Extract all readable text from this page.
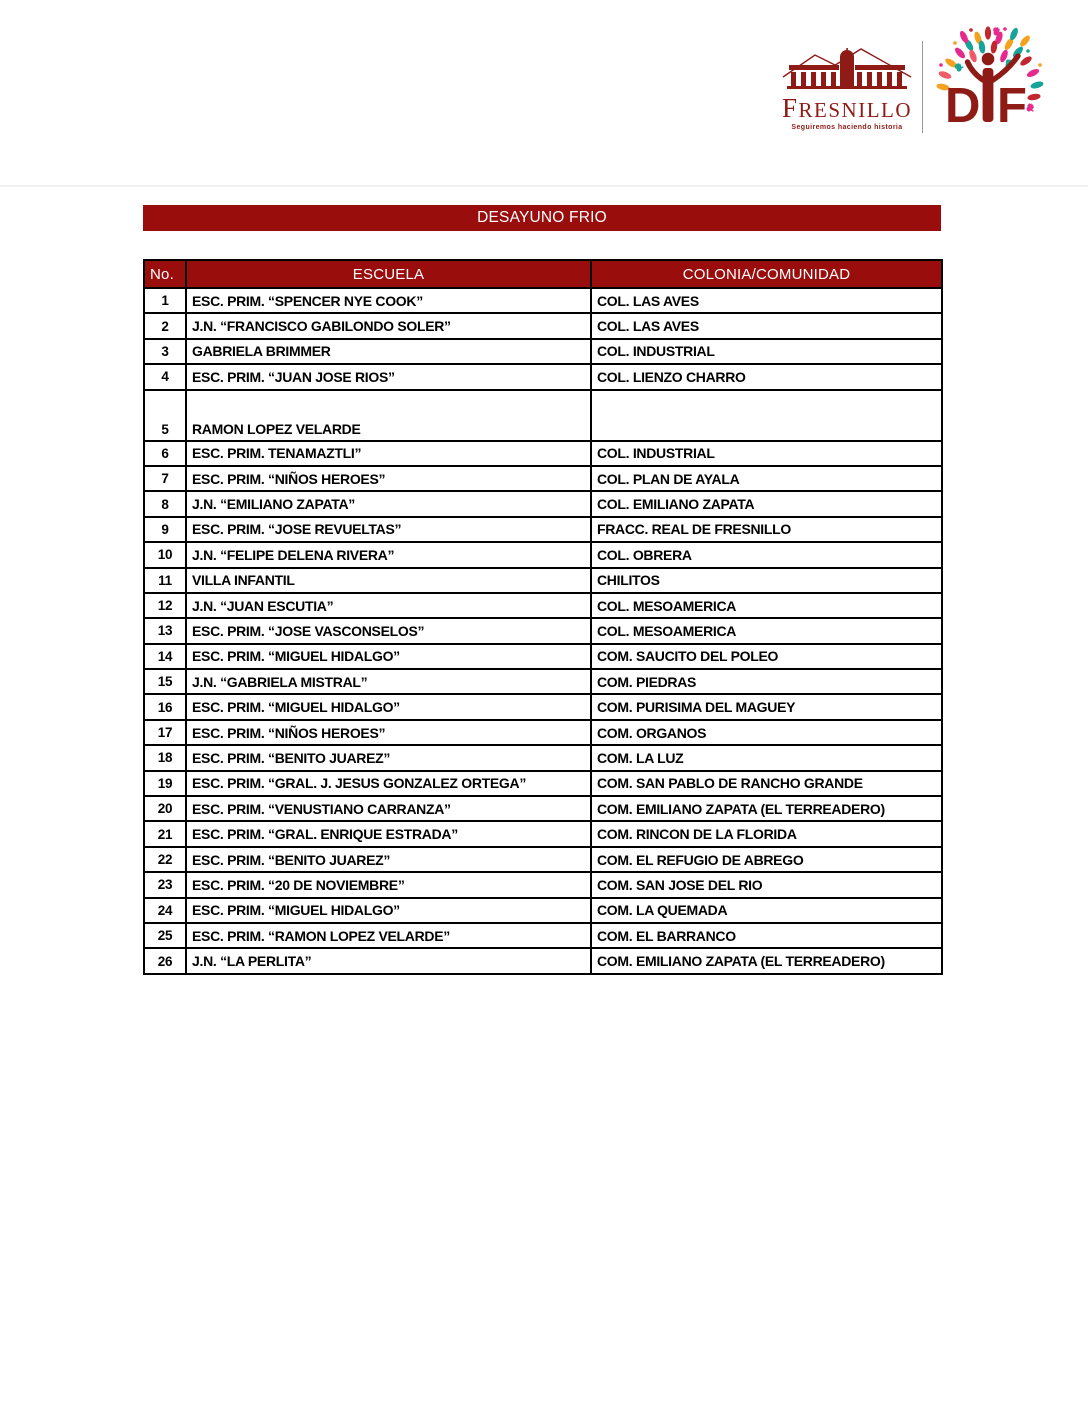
FRESNILLO
Seguiremos haciendo historia D F
DESAYUNO FRIO
No.	ESCUELA	COLONIA/COMUNIDAD
1	ESC. PRIM. “SPENCER NYE COOK”	COL. LAS AVES
2	J.N. “FRANCISCO GABILONDO SOLER”	COL. LAS AVES
3	GABRIELA BRIMMER	COL. INDUSTRIAL
4	ESC. PRIM. “JUAN JOSE RIOS”	COL. LIENZO CHARRO
5	RAMON LOPEZ VELARDE	
6	ESC. PRIM. TENAMAZTLI”	COL. INDUSTRIAL
7	ESC. PRIM. “NIÑOS HEROES”	COL. PLAN DE AYALA
8	J.N. “EMILIANO ZAPATA”	COL. EMILIANO ZAPATA
9	ESC. PRIM. “JOSE REVUELTAS”	FRACC. REAL DE FRESNILLO
10	J.N. “FELIPE DELENA RIVERA”	COL. OBRERA
11	VILLA INFANTIL	CHILITOS
12	J.N. “JUAN ESCUTIA”	COL. MESOAMERICA
13	ESC. PRIM. “JOSE VASCONSELOS”	COL. MESOAMERICA
14	ESC. PRIM. “MIGUEL HIDALGO”	COM. SAUCITO DEL POLEO
15	J.N. “GABRIELA MISTRAL”	COM. PIEDRAS
16	ESC. PRIM. “MIGUEL HIDALGO”	COM. PURISIMA DEL MAGUEY
17	ESC. PRIM. “NIÑOS HEROES”	COM. ORGANOS
18	ESC. PRIM. “BENITO JUAREZ”	COM. LA LUZ
19	ESC. PRIM. “GRAL. J. JESUS GONZALEZ ORTEGA”	COM. SAN PABLO DE RANCHO GRANDE
20	ESC. PRIM. “VENUSTIANO CARRANZA”	COM. EMILIANO ZAPATA (EL TERREADERO)
21	ESC. PRIM. “GRAL. ENRIQUE ESTRADA”	COM. RINCON DE LA FLORIDA
22	ESC. PRIM. “BENITO JUAREZ”	COM. EL REFUGIO DE ABREGO
23	ESC. PRIM. “20 DE NOVIEMBRE”	COM. SAN JOSE DEL RIO
24	ESC. PRIM. “MIGUEL HIDALGO”	COM. LA QUEMADA
25	ESC. PRIM. “RAMON LOPEZ VELARDE”	COM. EL BARRANCO
26	J.N. “LA PERLITA”	COM. EMILIANO ZAPATA (EL TERREADERO)
